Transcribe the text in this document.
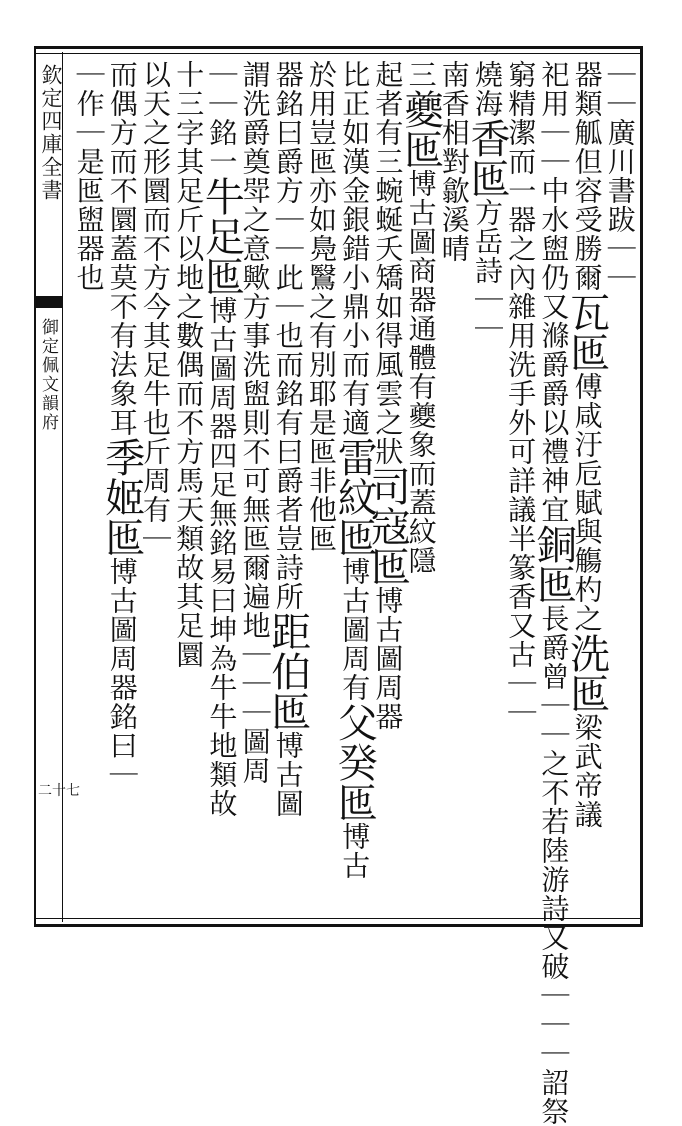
欽定四庫全書
御定佩文韻府
二十七
｜｜廣川書跋｜｜
器類觚但容受勝爾瓦匜傅咸汙卮賦與觴杓之洗匜梁武帝議
祀用｜｜中水盥仍又滌爵爵以禮神宜銅匜長爵曾｜｜之不若陸游詩又破｜｜｜詔祭
窮精潔而一器之內雜用洗手外可詳議半篆香又古｜｜
燒海香匜方岳詩｜｜
南香相對歙溪晴
三夔匜博古圖商器通體有夔象而蓋紋隱
起者有三蜿蜒夭矯如得風雲之狀司寇匜博古圖周器
比正如漢金銀錯小鼎小而有適雷紋匜博古圖周有父癸匜博古
於用豈匜亦如鳧鷖之有別耶是匜非他匜
器銘曰爵方｜｜此｜也而銘有曰爵者豈詩所距伯匜博古圖
謂洗爵奠斝之意歟方事洗盥則不可無匜爾遍地｜｜｜圖周
｜｜銘一牛足匜博古圖周器四足無銘易曰坤為牛牛地類故
十三字其足斤以地之數偶而不方馬天類故其足圜
以天之形圜而不方今其足牛也斤周有｜
而偶方而不圜蓋莫不有法象耳季姬匜博古圖周器銘曰｜
｜作｜是匜盥器也
